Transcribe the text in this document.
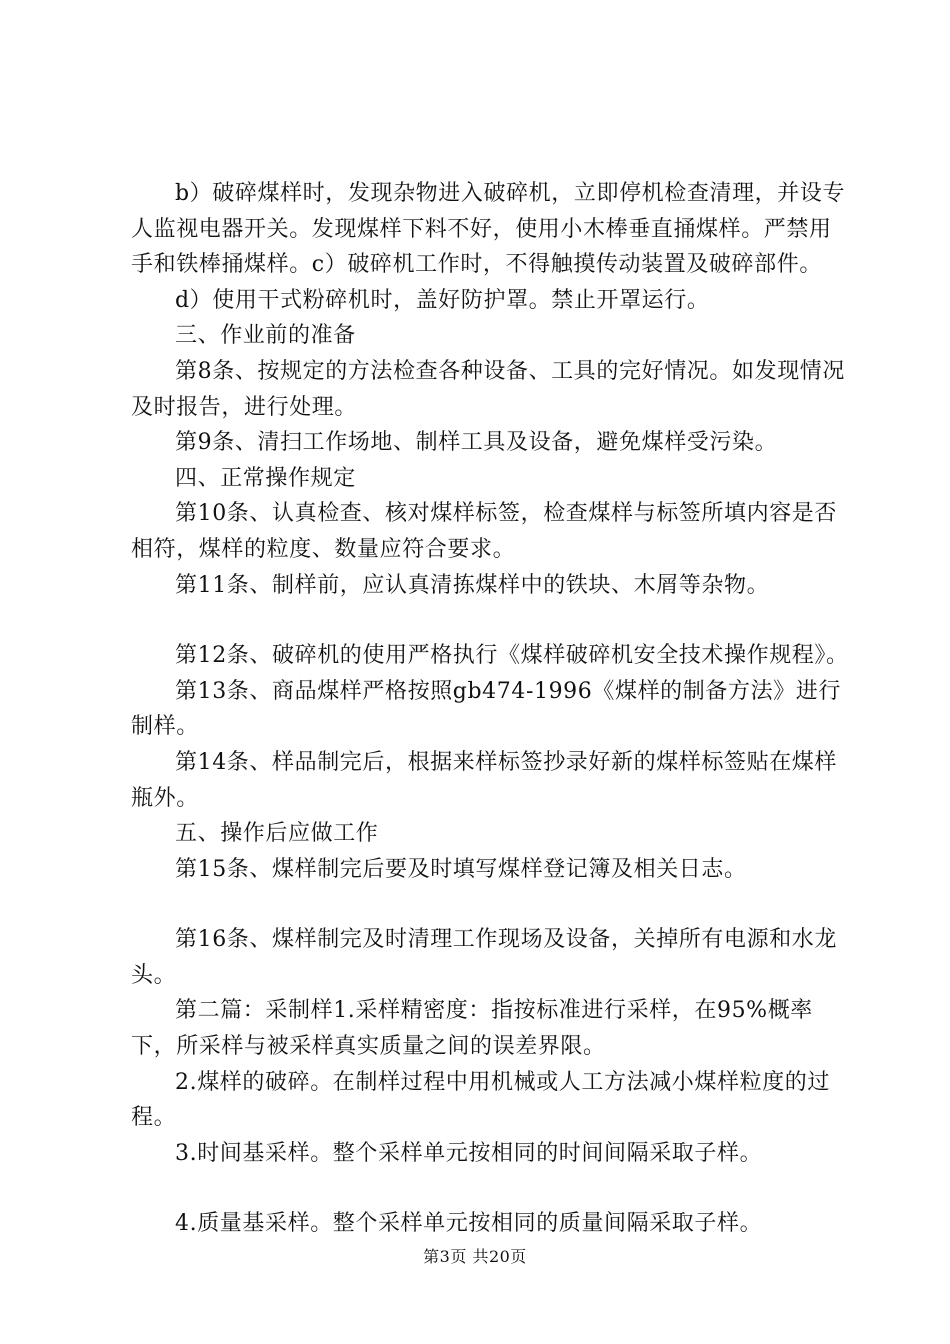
b）破碎煤样时，发现杂物进入破碎机，立即停机检查清理，并设专人监视电器开关。发现煤样下料不好，使用小木棒垂直捅煤样。严禁用手和铁棒捅煤样。c）破碎机工作时，不得触摸传动装置及破碎部件。

d）使用干式粉碎机时，盖好防护罩。禁止开罩运行。

三、作业前的准备

第8条、按规定的方法检查各种设备、工具的完好情况。如发现情况及时报告，进行处理。

第9条、清扫工作场地、制样工具及设备，避免煤样受污染。

四、正常操作规定

第10条、认真检查、核对煤样标签，检查煤样与标签所填内容是否相符，煤样的粒度、数量应符合要求。

第11条、制样前，应认真清拣煤样中的铁块、木屑等杂物。

第12条、破碎机的使用严格执行《煤样破碎机安全技术操作规程》。

第13条、商品煤样严格按照gb474-1996《煤样的制备方法》进行制样。

第14条、样品制完后，根据来样标签抄录好新的煤样标签贴在煤样瓶外。

五、操作后应做工作

第15条、煤样制完后要及时填写煤样登记簿及相关日志。

第16条、煤样制完及时清理工作现场及设备，关掉所有电源和水龙头。

第二篇：采制样1.采样精密度：指按标准进行采样，在95%概率下，所采样与被采样真实质量之间的误差界限。

2.煤样的破碎。在制样过程中用机械或人工方法减小煤样粒度的过程。

3.时间基采样。整个采样单元按相同的时间间隔采取子样。

4.质量基采样。整个采样单元按相同的质量间隔采取子样。

第3页 共20页
